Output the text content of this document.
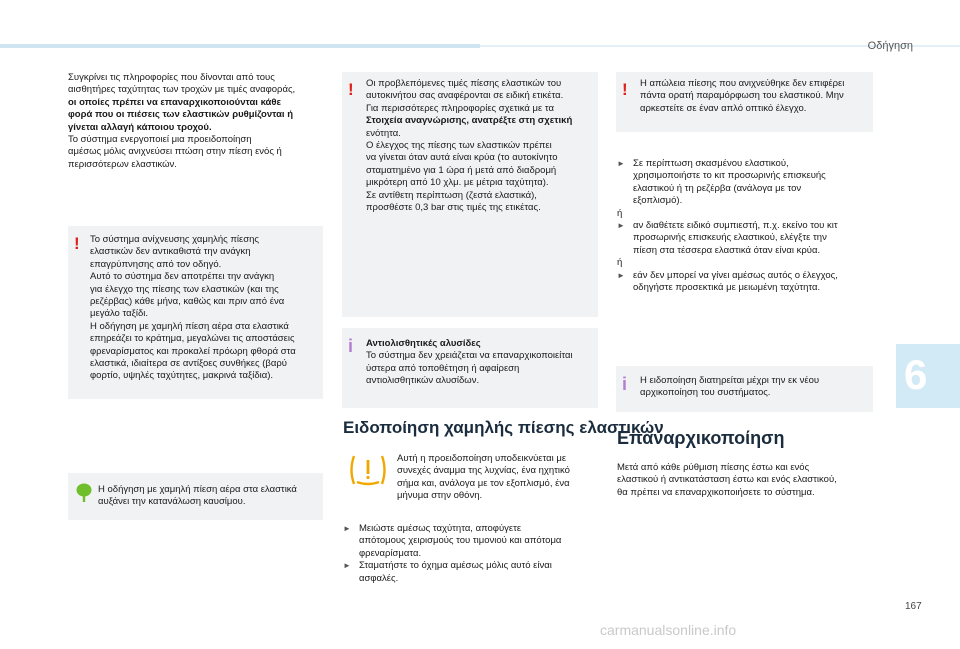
Οδήγηση
Συγκρίνει τις πληροφορίες που δίνονται από τους
αισθητήρες ταχύτητας των τροχών με τιμές αναφοράς,
οι οποίες πρέπει να επαναρχικοποιούνται κάθε
φορά που οι πιέσεις των ελαστικών ρυθμίζονται ή
γίνεται αλλαγή κάποιου τροχού.
Το σύστημα ενεργοποιεί μια προειδοποίηση
αμέσως μόλις ανιχνεύσει πτώση στην πίεση ενός ή
περισσότερων ελαστικών.
! Το σύστημα ανίχνευσης χαμηλής πίεσης
ελαστικών δεν αντικαθιστά την ανάγκη
επαγρύπνησης από τον οδηγό.
Αυτό το σύστημα δεν αποτρέπει την ανάγκη
για έλεγχο της πίεσης των ελαστικών (και της
ρεζέρβας) κάθε μήνα, καθώς και πριν από ένα
μεγάλο ταξίδι.
Η οδήγηση με χαμηλή πίεση αέρα στα ελαστικά
επηρεάζει το κράτημα, μεγαλώνει τις αποστάσεις
φρεναρίσματος και προκαλεί πρόωρη φθορά στα
ελαστικά, ιδιαίτερα σε αντίξοες συνθήκες (βαρύ
φορτίο, υψηλές ταχύτητες, μακρινά ταξίδια).
Η οδήγηση με χαμηλή πίεση αέρα στα ελαστικά
αυξάνει την κατανάλωση καυσίμου.
! Οι προβλεπόμενες τιμές πίεσης ελαστικών του
αυτοκινήτου σας αναφέρονται σε ειδική ετικέτα.
Για περισσότερες πληροφορίες σχετικά με τα
Στοιχεία αναγνώρισης, ανατρέξτε στη σχετική
ενότητα.
Ο έλεγχος της πίεσης των ελαστικών πρέπει
να γίνεται όταν αυτά είναι κρύα (το αυτοκίνητο
σταματημένο για 1 ώρα ή μετά από διαδρομή
μικρότερη από 10 χλμ. με μέτρια ταχύτητα).
Σε αντίθετη περίπτωση (ζεστά ελαστικά),
προσθέστε 0,3 bar στις τιμές της ετικέτας.
i Αντιολισθητικές αλυσίδες
Το σύστημα δεν χρειάζεται να επαναρχικοποιείται
ύστερα από τοποθέτηση ή αφαίρεση
αντιολισθητικών αλυσίδων.
Ειδοποίηση χαμηλής πίεσης ελαστικών
Αυτή η προειδοποίηση υποδεικνύεται με
συνεχές άναμμα της λυχνίας, ένα ηχητικό
σήμα και, ανάλογα με τον εξοπλισμό, ένα
μήνυμα στην οθόνη.
► Μειώστε αμέσως ταχύτητα, αποφύγετε
απότομους χειρισμούς του τιμονιού και απότομα
φρεναρίσματα.
► Σταματήστε το όχημα αμέσως μόλις αυτό είναι
ασφαλές.
! Η απώλεια πίεσης που ανιχνεύθηκε δεν επιφέρει
πάντα ορατή παραμόρφωση του ελαστικού. Μην
αρκεστείτε σε έναν απλό οπτικό έλεγχο.
► Σε περίπτωση σκασμένου ελαστικού,
χρησιμοποιήστε το κιτ προσωρινής επισκευής
ελαστικού ή τη ρεζέρβα (ανάλογα με τον
εξοπλισμό).
ή
► αν διαθέτετε ειδικό συμπιεστή, π.χ. εκείνο του κιτ
προσωρινής επισκευής ελαστικού, ελέγξτε την
πίεση στα τέσσερα ελαστικά όταν είναι κρύα.
ή
► εάν δεν μπορεί να γίνει αμέσως αυτός ο έλεγχος,
οδηγήστε προσεκτικά με μειωμένη ταχύτητα.
i Η ειδοποίηση διατηρείται μέχρι την εκ νέου
αρχικοποίηση του συστήματος.
Επαναρχικοποίηση
Μετά από κάθε ρύθμιση πίεσης έστω και ενός
ελαστικού ή αντικατάσταση έστω και ενός ελαστικού,
θα πρέπει να επαναρχικοποιήσετε το σύστημα.
6
167
carmanualsonline.info
